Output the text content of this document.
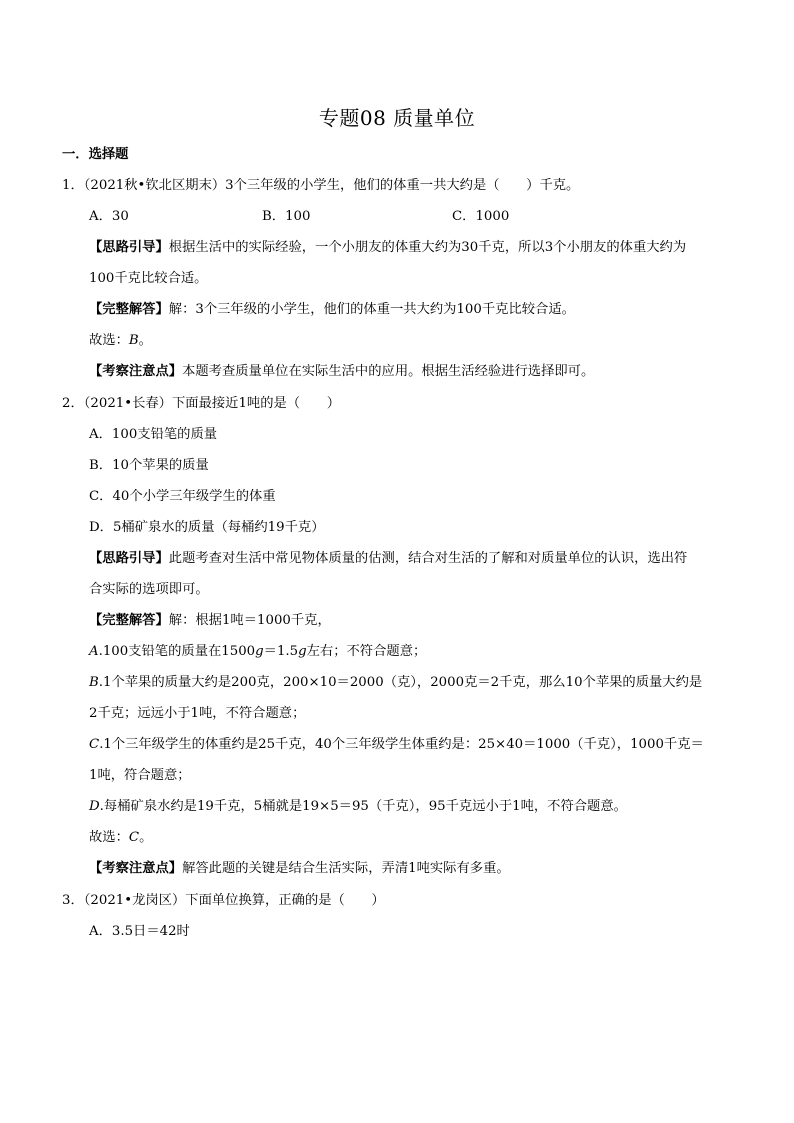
专题08 质量单位
一．选择题
1．（2021秋•钦北区期末）3个三年级的小学生，他们的体重一共大约是（　　）千克。
A．30	B．100	C．1000
【思路引导】根据生活中的实际经验，一个小朋友的体重大约为30千克，所以3个小朋友的体重大约为
100千克比较合适。
【完整解答】解：3个三年级的小学生，他们的体重一共大约为100千克比较合适。
故选：B。
【考察注意点】本题考查质量单位在实际生活中的应用。根据生活经验进行选择即可。
2．（2021•长春）下面最接近1吨的是（　　）
A．100支铅笔的质量
B．10个苹果的质量
C．40个小学三年级学生的体重
D．5桶矿泉水的质量（每桶约19千克）
【思路引导】此题考查对生活中常见物体质量的估测，结合对生活的了解和对质量单位的认识，选出符
合实际的选项即可。
【完整解答】解：根据1吨＝1000千克，
A.100支铅笔的质量在1500g＝1.5g左右；不符合题意；
B.1个苹果的质量大约是200克，200×10＝2000（克），2000克＝2千克，那么10个苹果的质量大约是
2千克；远远小于1吨，不符合题意；
C.1个三年级学生的体重约是25千克，40个三年级学生体重约是：25×40＝1000（千克），1000千克＝
1吨，符合题意；
D.每桶矿泉水约是19千克，5桶就是19×5＝95（千克），95千克远小于1吨，不符合题意。
故选：C。
【考察注意点】解答此题的关键是结合生活实际，弄清1吨实际有多重。
3．（2021•龙岗区）下面单位换算，正确的是（　　）
A．3.5日＝42时
